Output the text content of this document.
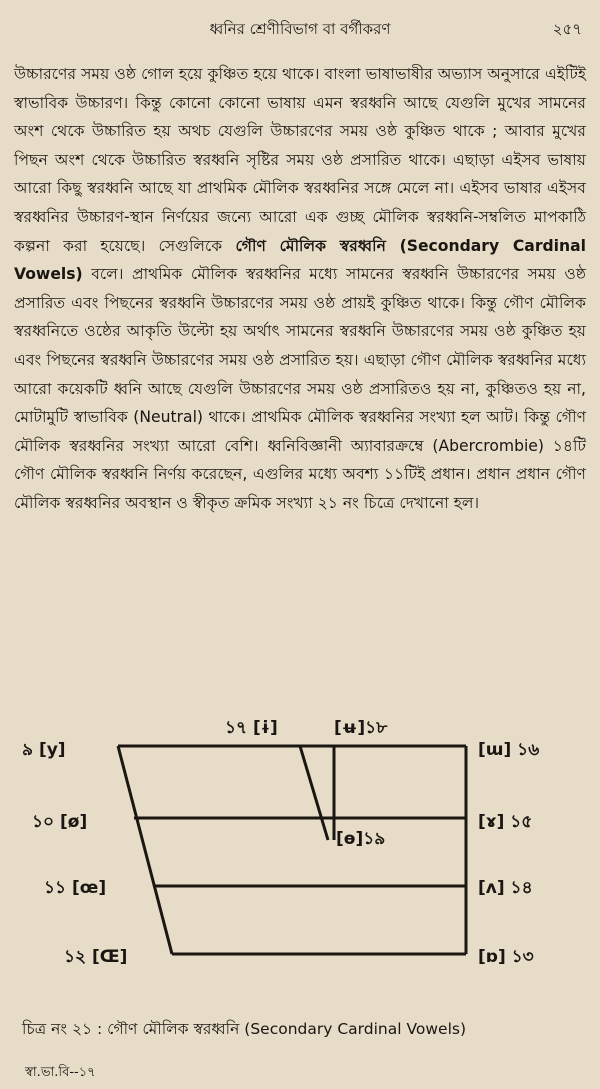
ধ্বনির শ্রেণীবিভাগ বা বর্গীকরণ	২৫৭

উচ্চারণের সময় ওষ্ঠ গোল হয়ে কুঞ্চিত হয়ে থাকে। বাংলা ভাষাভাষীর অভ্যাস অনুসারে এইটিই স্বাভাবিক উচ্চারণ। কিন্তু কোনো কোনো ভাষায় এমন স্বরধ্বনি আছে যেগুলি মুখের সামনের অংশ থেকে উচ্চারিত হয় অথচ যেগুলি উচ্চারণের সময় ওষ্ঠ কুঞ্চিত থাকে ; আবার মুখের পিছন অংশ থেকে উচ্চারিত স্বরধ্বনি সৃষ্টির সময় ওষ্ঠ প্রসারিত থাকে। এছাড়া এইসব ভাষায় আরো কিছু স্বরধ্বনি আছে যা প্রাথমিক মৌলিক স্বরধ্বনির সঙ্গে মেলে না। এইসব ভাষার এইসব স্বরধ্বনির উচ্চারণ-স্থান নির্ণয়ের জন্যে আরো এক গুচ্ছ মৌলিক স্বরধ্বনি-সম্বলিত মাপকাঠি কল্পনা করা হয়েছে। সেগুলিকে গৌণ মৌলিক স্বরধ্বনি (Secondary Cardinal Vowels) বলে। প্রাথমিক মৌলিক স্বরধ্বনির মধ্যে সামনের স্বরধ্বনি উচ্চারণের সময় ওষ্ঠ প্রসারিত এবং পিছনের স্বরধ্বনি উচ্চারণের সময় ওষ্ঠ প্রায়ই কুঞ্চিত থাকে। কিন্তু গৌণ মৌলিক স্বরধ্বনিতে ওষ্ঠের আকৃতি উল্টো হয় অর্থাৎ সামনের স্বরধ্বনি উচ্চারণের সময় ওষ্ঠ কুঞ্চিত হয় এবং পিছনের স্বরধ্বনি উচ্চারণের সময় ওষ্ঠ প্রসারিত হয়। এছাড়া গৌণ মৌলিক স্বরধ্বনির মধ্যে আরো কয়েকটি ধ্বনি আছে যেগুলি উচ্চারণের সময় ওষ্ঠ প্রসারিতও হয় না, কুঞ্চিতও হয় না, মোটামুটি স্বাভাবিক (Neutral) থাকে। প্রাথমিক মৌলিক স্বরধ্বনির সংখ্যা হল আট। কিন্তু গৌণ মৌলিক স্বরধ্বনির সংখ্যা আরো বেশি। ধ্বনিবিজ্ঞানী অ্যাবারক্রম্বে (Abercrombie) ১৪টি গৌণ মৌলিক স্বরধ্বনি নির্ণয় করেছেন, এগুলির মধ্যে অবশ্য ১১টিই প্রধান। প্রধান প্রধান গৌণ মৌলিক স্বরধ্বনির অবস্থান ও স্বীকৃত ক্রমিক সংখ্যা ২১ নং চিত্রে দেখানো হল।

৯ [y]
১০ [ø]
১১ [œ]
১২ [Œ]
১৭ [ɨ]	[ʉ]১৮
[ɵ]১৯
[ɯ] ১৬
[ɤ] ১৫
[ʌ] ১৪
[ɒ] ১৩
চিত্র নং ২১ : গৌণ মৌলিক স্বরধ্বনি (Secondary Cardinal Vowels)
স্বা.ভা.বি--১৭
